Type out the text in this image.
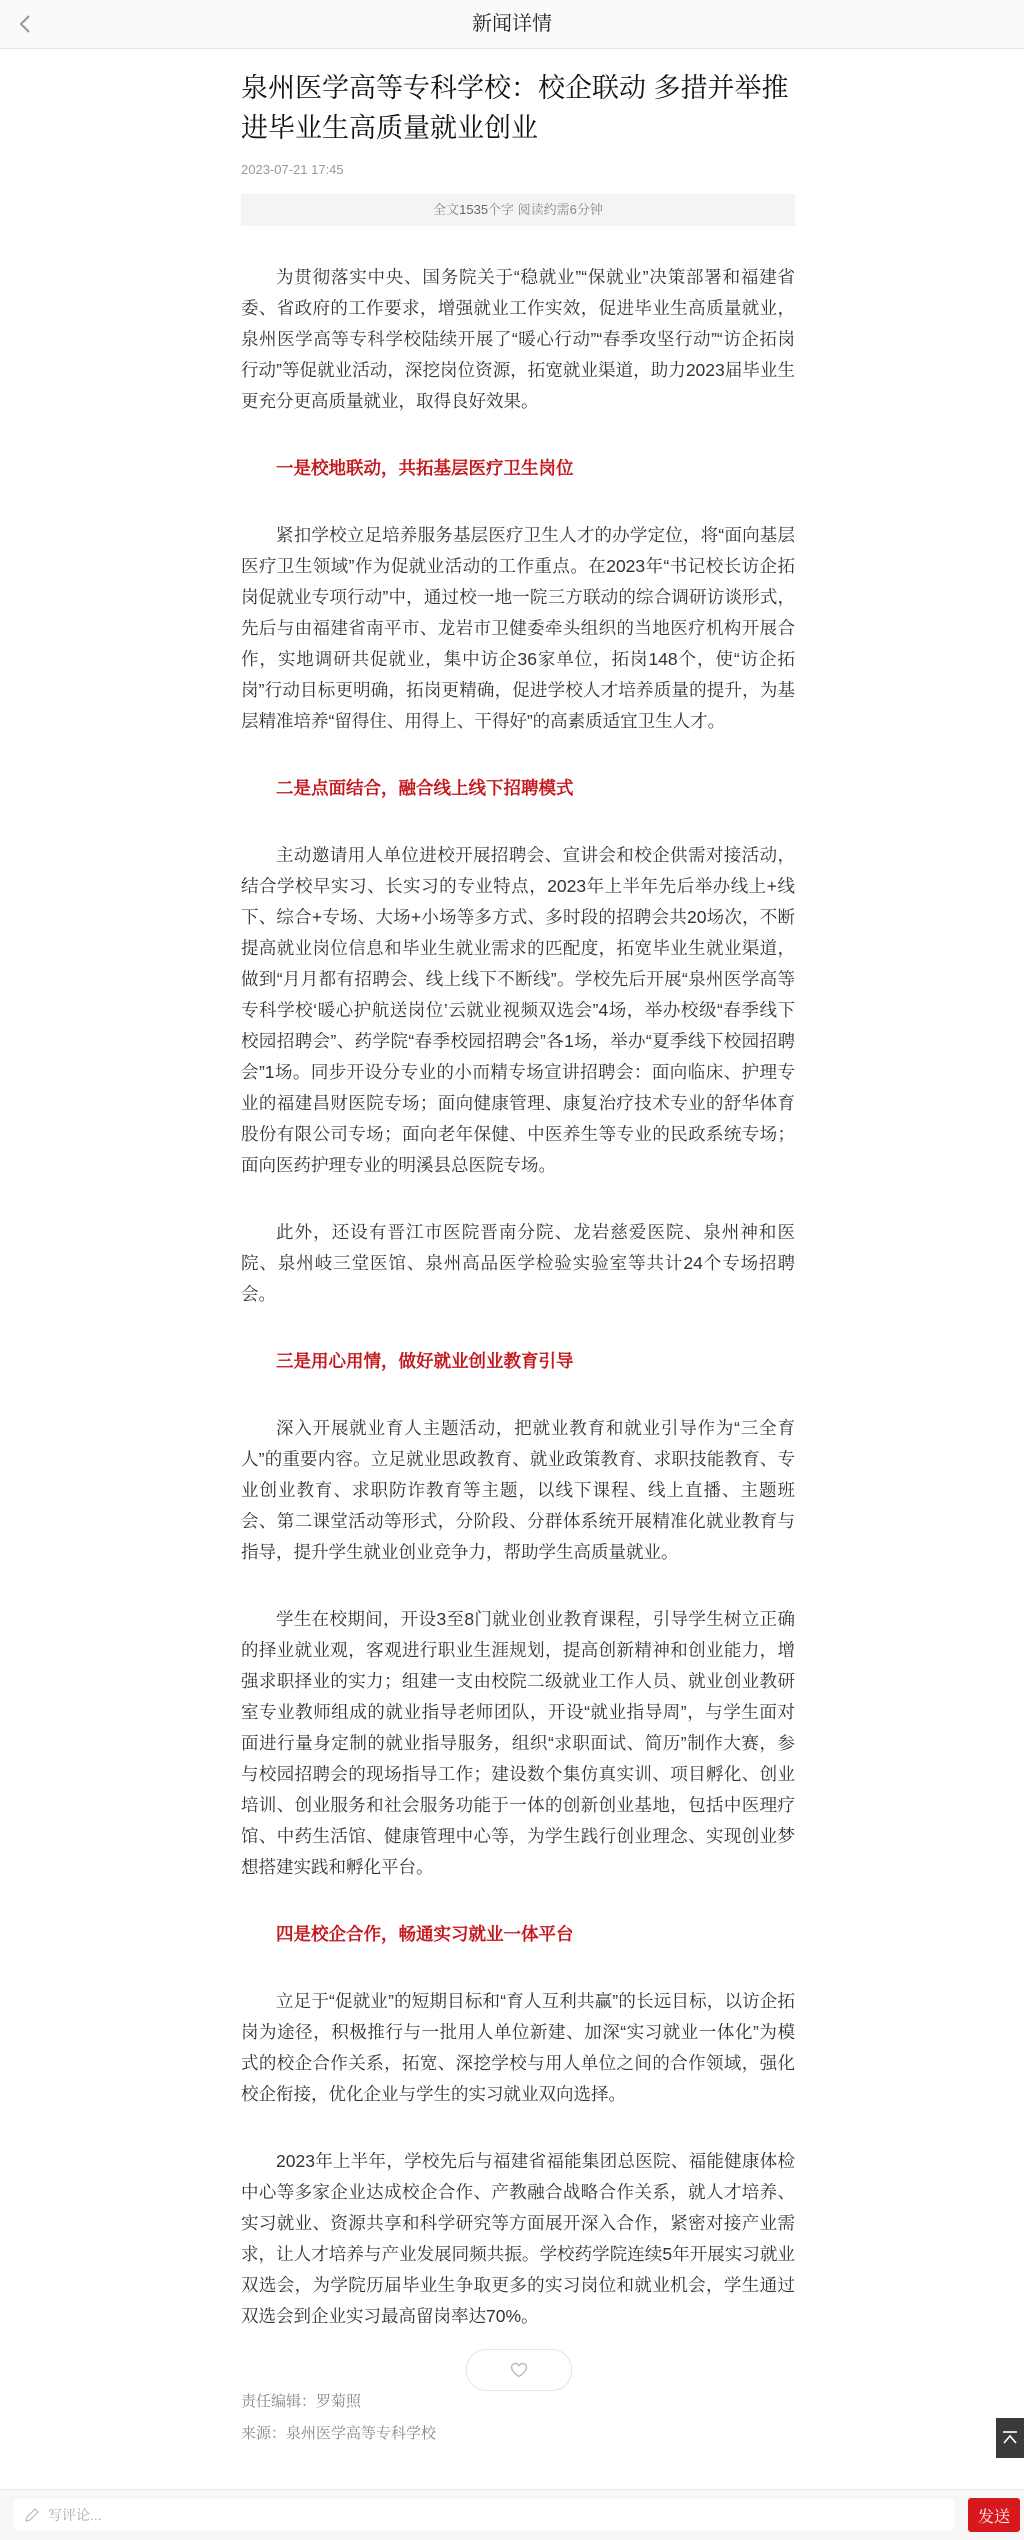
新闻详情
泉州医学高等专科学校：校企联动 多措并举推进毕业生高质量就业创业
2023-07-21 17:45
全文1535个字 阅读约需6分钟

为贯彻落实中央、国务院关于“稳就业”“保就业”决策部署和福建省委、省政府的工作要求，增强就业工作实效，促进毕业生高质量就业，泉州医学高等专科学校陆续开展了“暖心行动”“春季攻坚行动”“访企拓岗行动”等促就业活动，深挖岗位资源，拓宽就业渠道，助力2023届毕业生更充分更高质量就业，取得良好效果。

一是校地联动，共拓基层医疗卫生岗位

紧扣学校立足培养服务基层医疗卫生人才的办学定位，将“面向基层医疗卫生领域”作为促就业活动的工作重点。在2023年“书记校长访企拓岗促就业专项行动”中，通过校一地一院三方联动的综合调研访谈形式，先后与由福建省南平市、龙岩市卫健委牵头组织的当地医疗机构开展合作，实地调研共促就业，集中访企36家单位，拓岗148个，使“访企拓岗”行动目标更明确，拓岗更精确，促进学校人才培养质量的提升，为基层精准培养“留得住、用得上、干得好”的高素质适宜卫生人才。

二是点面结合，融合线上线下招聘模式

主动邀请用人单位进校开展招聘会、宣讲会和校企供需对接活动，结合学校早实习、长实习的专业特点，2023年上半年先后举办线上+线下、综合+专场、大场+小场等多方式、多时段的招聘会共20场次，不断提高就业岗位信息和毕业生就业需求的匹配度，拓宽毕业生就业渠道，做到“月月都有招聘会、线上线下不断线”。学校先后开展“泉州医学高等专科学校‘暖心护航送岗位’云就业视频双选会”4场，举办校级“春季线下校园招聘会”、药学院“春季校园招聘会”各1场，举办“夏季线下校园招聘会”1场。同步开设分专业的小而精专场宣讲招聘会：面向临床、护理专业的福建昌财医院专场；面向健康管理、康复治疗技术专业的舒华体育股份有限公司专场；面向老年保健、中医养生等专业的民政系统专场；面向医药护理专业的明溪县总医院专场。

此外，还设有晋江市医院晋南分院、龙岩慈爱医院、泉州神和医院、泉州岐三堂医馆、泉州高品医学检验实验室等共计24个专场招聘会。

三是用心用情，做好就业创业教育引导

深入开展就业育人主题活动，把就业教育和就业引导作为“三全育人”的重要内容。立足就业思政教育、就业政策教育、求职技能教育、专业创业教育、求职防诈教育等主题，以线下课程、线上直播、主题班会、第二课堂活动等形式，分阶段、分群体系统开展精准化就业教育与指导，提升学生就业创业竞争力，帮助学生高质量就业。

学生在校期间，开设3至8门就业创业教育课程，引导学生树立正确的择业就业观，客观进行职业生涯规划，提高创新精神和创业能力，增强求职择业的实力；组建一支由校院二级就业工作人员、就业创业教研室专业教师组成的就业指导老师团队，开设“就业指导周”，与学生面对面进行量身定制的就业指导服务，组织“求职面试、简历”制作大赛，参与校园招聘会的现场指导工作；建设数个集仿真实训、项目孵化、创业培训、创业服务和社会服务功能于一体的创新创业基地，包括中医理疗馆、中药生活馆、健康管理中心等，为学生践行创业理念、实现创业梦想搭建实践和孵化平台。

四是校企合作，畅通实习就业一体平台

立足于“促就业”的短期目标和“育人互利共赢”的长远目标，以访企拓岗为途径，积极推行与一批用人单位新建、加深“实习就业一体化”为模式的校企合作关系，拓宽、深挖学校与用人单位之间的合作领域，强化校企衔接，优化企业与学生的实习就业双向选择。

2023年上半年，学校先后与福建省福能集团总医院、福能健康体检中心等多家企业达成校企合作、产教融合战略合作关系，就人才培养、实习就业、资源共享和科学研究等方面展开深入合作，紧密对接产业需求，让人才培养与产业发展同频共振。学校药学院连续5年开展实习就业双选会，为学院历届毕业生争取更多的实习岗位和就业机会，学生通过双选会到企业实习最高留岗率达70%。

责任编辑：罗菊照
来源：泉州医学高等专科学校
写评论...
发送
